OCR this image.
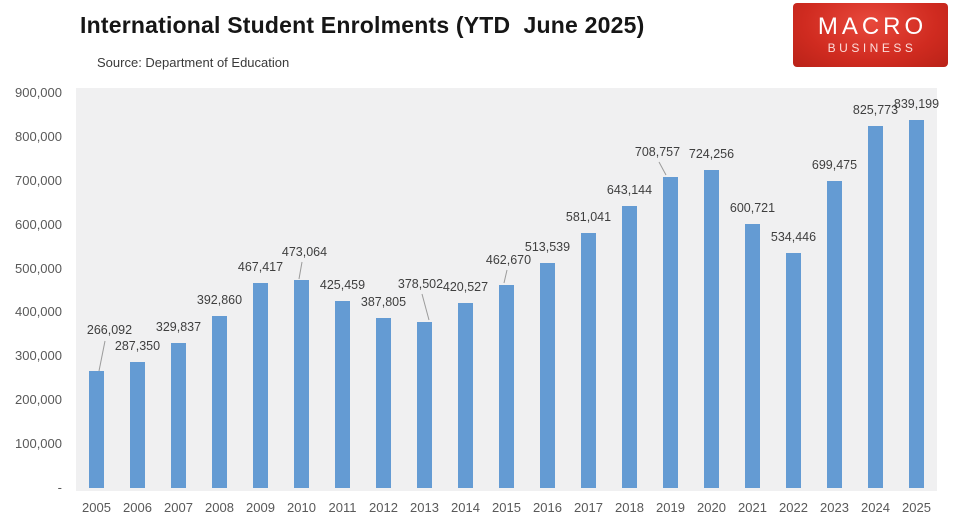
International Student Enrolments (YTD  June 2025)
Source: Department of Education
MACRO
BUSINESS
900,000
800,000
700,000
600,000
500,000
400,000
300,000
200,000
100,000
-
266,092
287,350
329,837
392,860
467,417
473,064
425,459
387,805
378,502 420,527
462,670
513,539
581,041
643,144
708,757 724,256
600,721
534,446
699,475
825,773
839,199
2005 2006 2007 2008 2009 2010 2011 2012 2013 2014 2015 2016 2017 2018 2019 2020 2021 2022 2023 2024 2025
